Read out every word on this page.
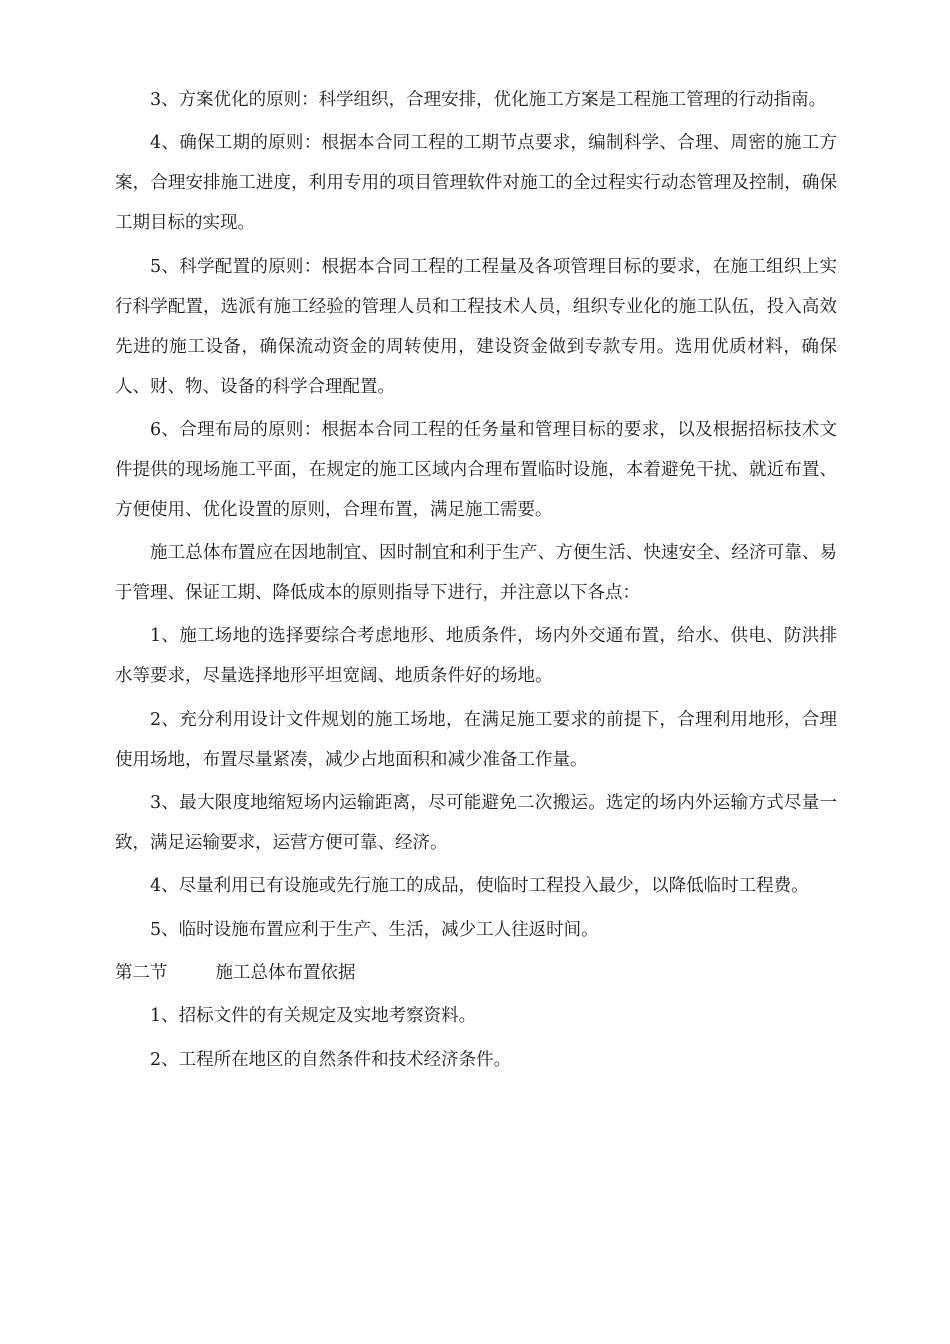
3、方案优化的原则：科学组织，合理安排，优化施工方案是工程施工管理的行动指南。

4、确保工期的原则：根据本合同工程的工期节点要求，编制科学、合理、周密的施工方案，合理安排施工进度，利用专用的项目管理软件对施工的全过程实行动态管理及控制，确保工期目标的实现。

5、科学配置的原则：根据本合同工程的工程量及各项管理目标的要求，在施工组织上实行科学配置，选派有施工经验的管理人员和工程技术人员，组织专业化的施工队伍，投入高效先进的施工设备，确保流动资金的周转使用，建设资金做到专款专用。选用优质材料，确保人、财、物、设备的科学合理配置。

6、合理布局的原则：根据本合同工程的任务量和管理目标的要求，以及根据招标技术文件提供的现场施工平面，在规定的施工区域内合理布置临时设施，本着避免干扰、就近布置、方便使用、优化设置的原则，合理布置，满足施工需要。

施工总体布置应在因地制宜、因时制宜和利于生产、方便生活、快速安全、经济可靠、易于管理、保证工期、降低成本的原则指导下进行，并注意以下各点：

1、施工场地的选择要综合考虑地形、地质条件，场内外交通布置，给水、供电、防洪排水等要求，尽量选择地形平坦宽阔、地质条件好的场地。

2、充分利用设计文件规划的施工场地，在满足施工要求的前提下，合理利用地形，合理使用场地，布置尽量紧凑，减少占地面积和减少准备工作量。

3、最大限度地缩短场内运输距离，尽可能避免二次搬运。选定的场内外运输方式尽量一致，满足运输要求，运营方便可靠、经济。

4、尽量利用已有设施或先行施工的成品，使临时工程投入最少，以降低临时工程费。

5、临时设施布置应利于生产、生活，减少工人往返时间。

第二节	施工总体布置依据

1、招标文件的有关规定及实地考察资料。

2、工程所在地区的自然条件和技术经济条件。
